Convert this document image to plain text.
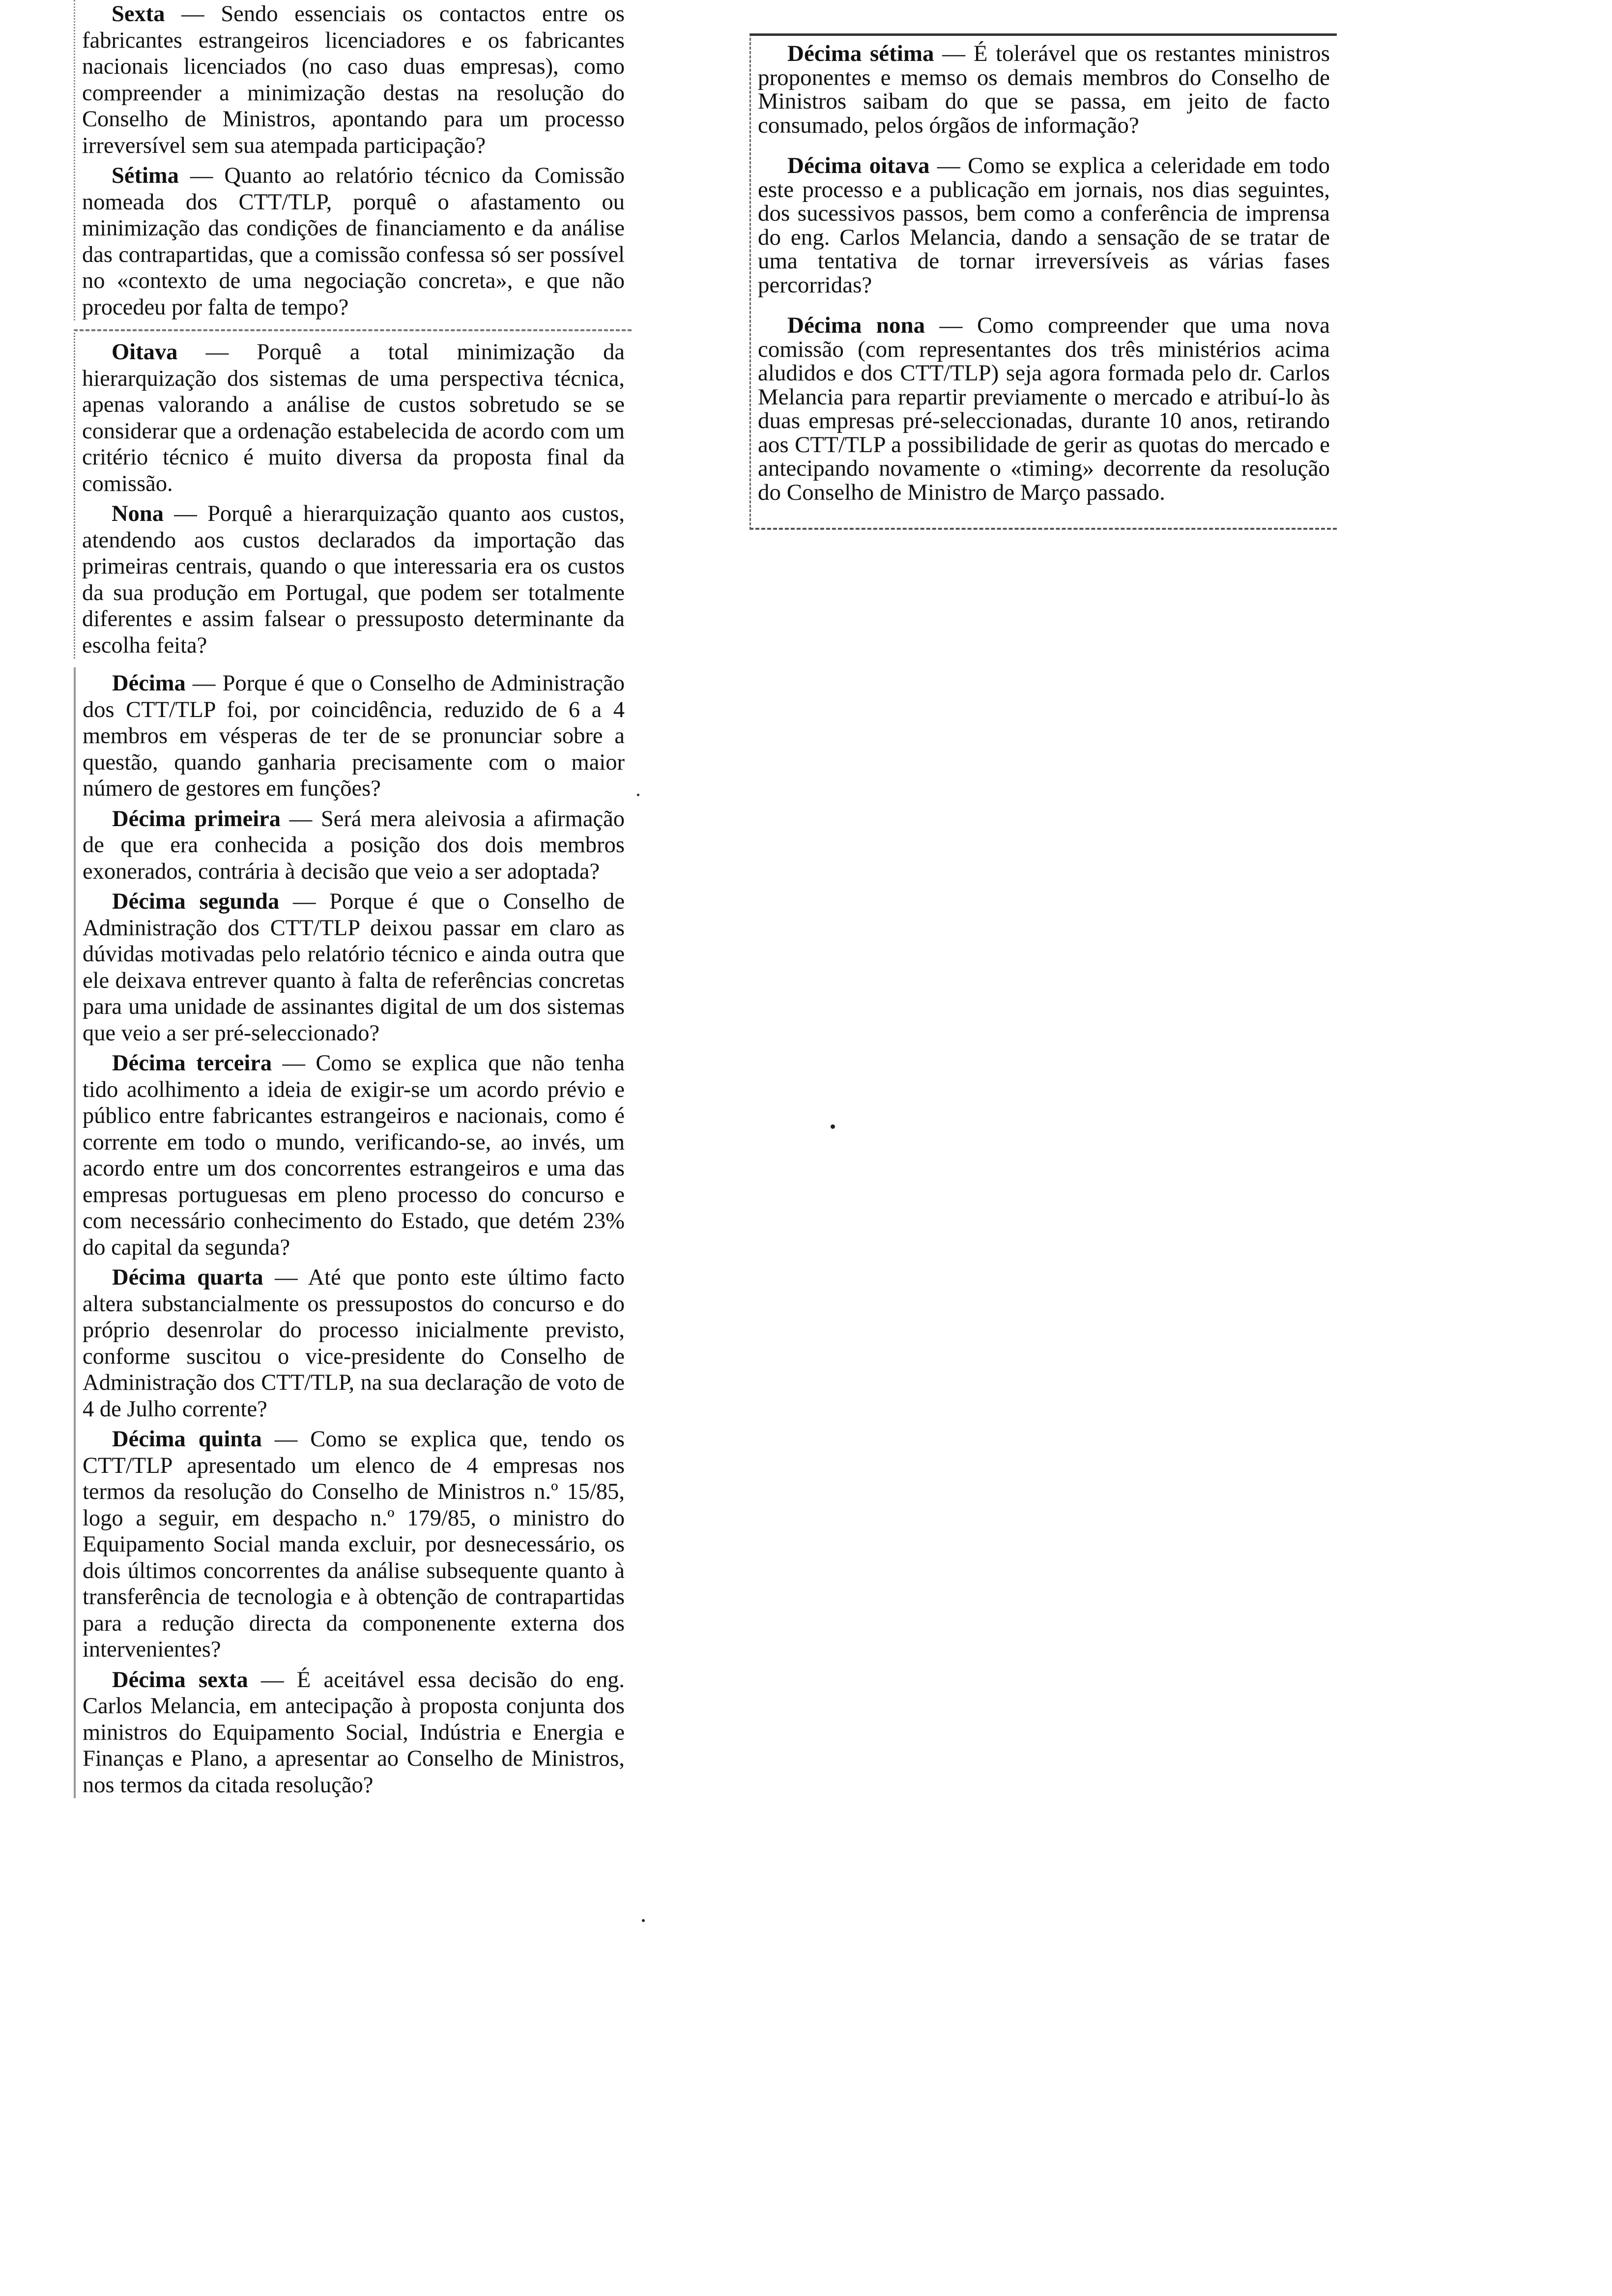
Sexta — Sendo essenciais os contactos entre os fabricantes estrangeiros licenciadores e os fabricantes nacionais licenciados (no caso duas empresas), como compreender a minimização destas na resolução do Conselho de Ministros, apontando para um processo irreversível sem sua atempada participação?

Sétima — Quanto ao relatório técnico da Comissão nomeada dos CTT/TLP, porquê o afastamento ou minimização das condições de financiamento e da análise das contrapartidas, que a comissão confessa só ser possível no «contexto de uma negociação concreta», e que não procedeu por falta de tempo?

Oitava — Porquê a total minimização da hierarquização dos sistemas de uma perspectiva técnica, apenas valorando a análise de custos sobretudo se se considerar que a ordenação estabelecida de acordo com um critério técnico é muito diversa da proposta final da comissão.

Nona — Porquê a hierarquização quanto aos custos, atendendo aos custos declarados da importação das primeiras centrais, quando o que interessaria era os custos da sua produção em Portugal, que podem ser totalmente diferentes e assim falsear o pressuposto determinante da escolha feita?

Décima — Porque é que o Conselho de Administração dos CTT/TLP foi, por coincidência, reduzido de 6 a 4 membros em vésperas de ter de se pronunciar sobre a questão, quando ganharia precisamente com o maior número de gestores em funções?

Décima primeira — Será mera aleivosia a afirmação de que era conhecida a posição dos dois membros exonerados, contrária à decisão que veio a ser adoptada?

Décima segunda — Porque é que o Conselho de Administração dos CTT/TLP deixou passar em claro as dúvidas motivadas pelo relatório técnico e ainda outra que ele deixava entrever quanto à falta de referências concretas para uma unidade de assinantes digital de um dos sistemas que veio a ser pré-seleccionado?

Décima terceira — Como se explica que não tenha tido acolhimento a ideia de exigir-se um acordo prévio e público entre fabricantes estrangeiros e nacionais, como é corrente em todo o mundo, verificando-se, ao invés, um acordo entre um dos concorrentes estrangeiros e uma das empresas portuguesas em pleno processo do concurso e com necessário conhecimento do Estado, que detém 23% do capital da segunda?

Décima quarta — Até que ponto este último facto altera substancialmente os pressupostos do concurso e do próprio desenrolar do processo inicialmente previsto, conforme suscitou o vice-presidente do Conselho de Administração dos CTT/TLP, na sua declaração de voto de 4 de Julho corrente?

Décima quinta — Como se explica que, tendo os CTT/TLP apresentado um elenco de 4 empresas nos termos da resolução do Conselho de Ministros n.º 15/85, logo a seguir, em despacho n.º 179/85, o ministro do Equipamento Social manda excluir, por desnecessário, os dois últimos concorrentes da análise subsequente quanto à transferência de tecnologia e à obtenção de contrapartidas para a redução directa da componenente externa dos intervenientes?

Décima sexta — É aceitável essa decisão do eng. Carlos Melancia, em antecipação à proposta conjunta dos ministros do Equipamento Social, Indústria e Energia e Finanças e Plano, a apresentar ao Conselho de Ministros, nos termos da citada resolução?

Décima sétima — É tolerável que os restantes ministros proponentes e memso os demais membros do Conselho de Ministros saibam do que se passa, em jeito de facto consumado, pelos órgãos de informação?

Décima oitava — Como se explica a celeridade em todo este processo e a publicação em jornais, nos dias seguintes, dos sucessivos passos, bem como a conferência de imprensa do eng. Carlos Melancia, dando a sensação de se tratar de uma tentativa de tornar irreversíveis as várias fases percorridas?

Décima nona — Como compreender que uma nova comissão (com representantes dos três ministérios acima aludidos e dos CTT/TLP) seja agora formada pelo dr. Carlos Melancia para repartir previamente o mercado e atribuí-lo às duas empresas pré-seleccionadas, durante 10 anos, retirando aos CTT/TLP a possibilidade de gerir as quotas do mercado e antecipando novamente o «timing» decorrente da resolução do Conselho de Ministro de Março passado.
